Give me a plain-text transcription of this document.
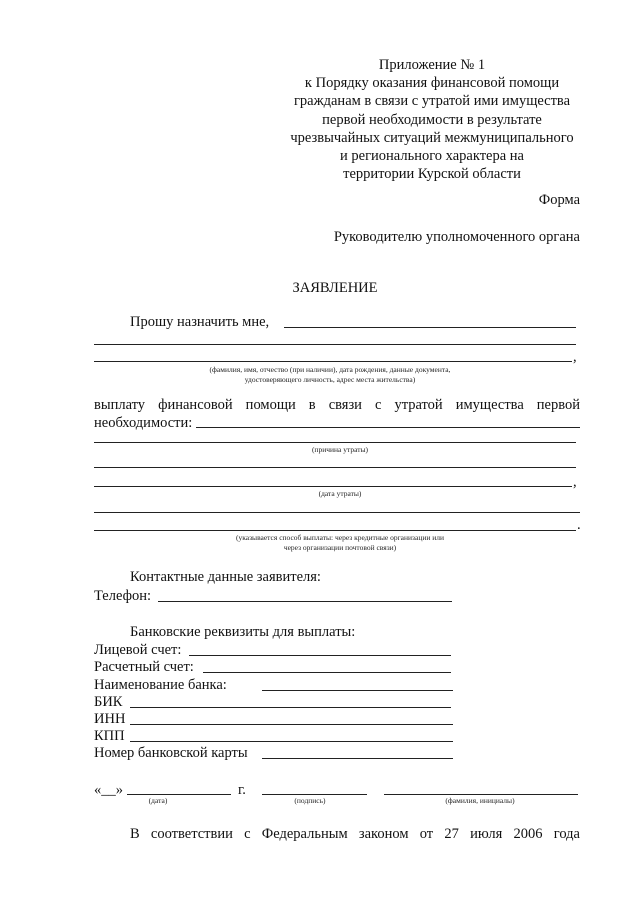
Приложение № 1
к Порядку оказания финансовой помощи
гражданам в связи с утратой ими имущества
первой необходимости в результате
чрезвычайных ситуаций межмуниципального
и регионального характера на
территории Курской области
Форма
Руководителю уполномоченного органа
ЗАЯВЛЕНИЕ
Прошу назначить мне,
,
(фамилия, имя, отчество (при наличии), дата рождения, данные документа,
удостоверяющего личность, адрес места жительства)
выплату финансовой помощи в связи с утратой имущества первой
необходимости:
(причина утраты)
,
(дата утраты)
.
(указывается способ выплаты: через кредитные организации или
через организации почтовой связи)
Контактные данные заявителя:
Телефон:
Банковские реквизиты для выплаты:
Лицевой счет:
Расчетный счет:
Наименование банка:
БИК
ИНН
КПП
Номер банковской карты
«__»	г.
(дата)	(подпись)	(фамилия, инициалы)
В соответствии с Федеральным законом от 27 июля 2006 года
